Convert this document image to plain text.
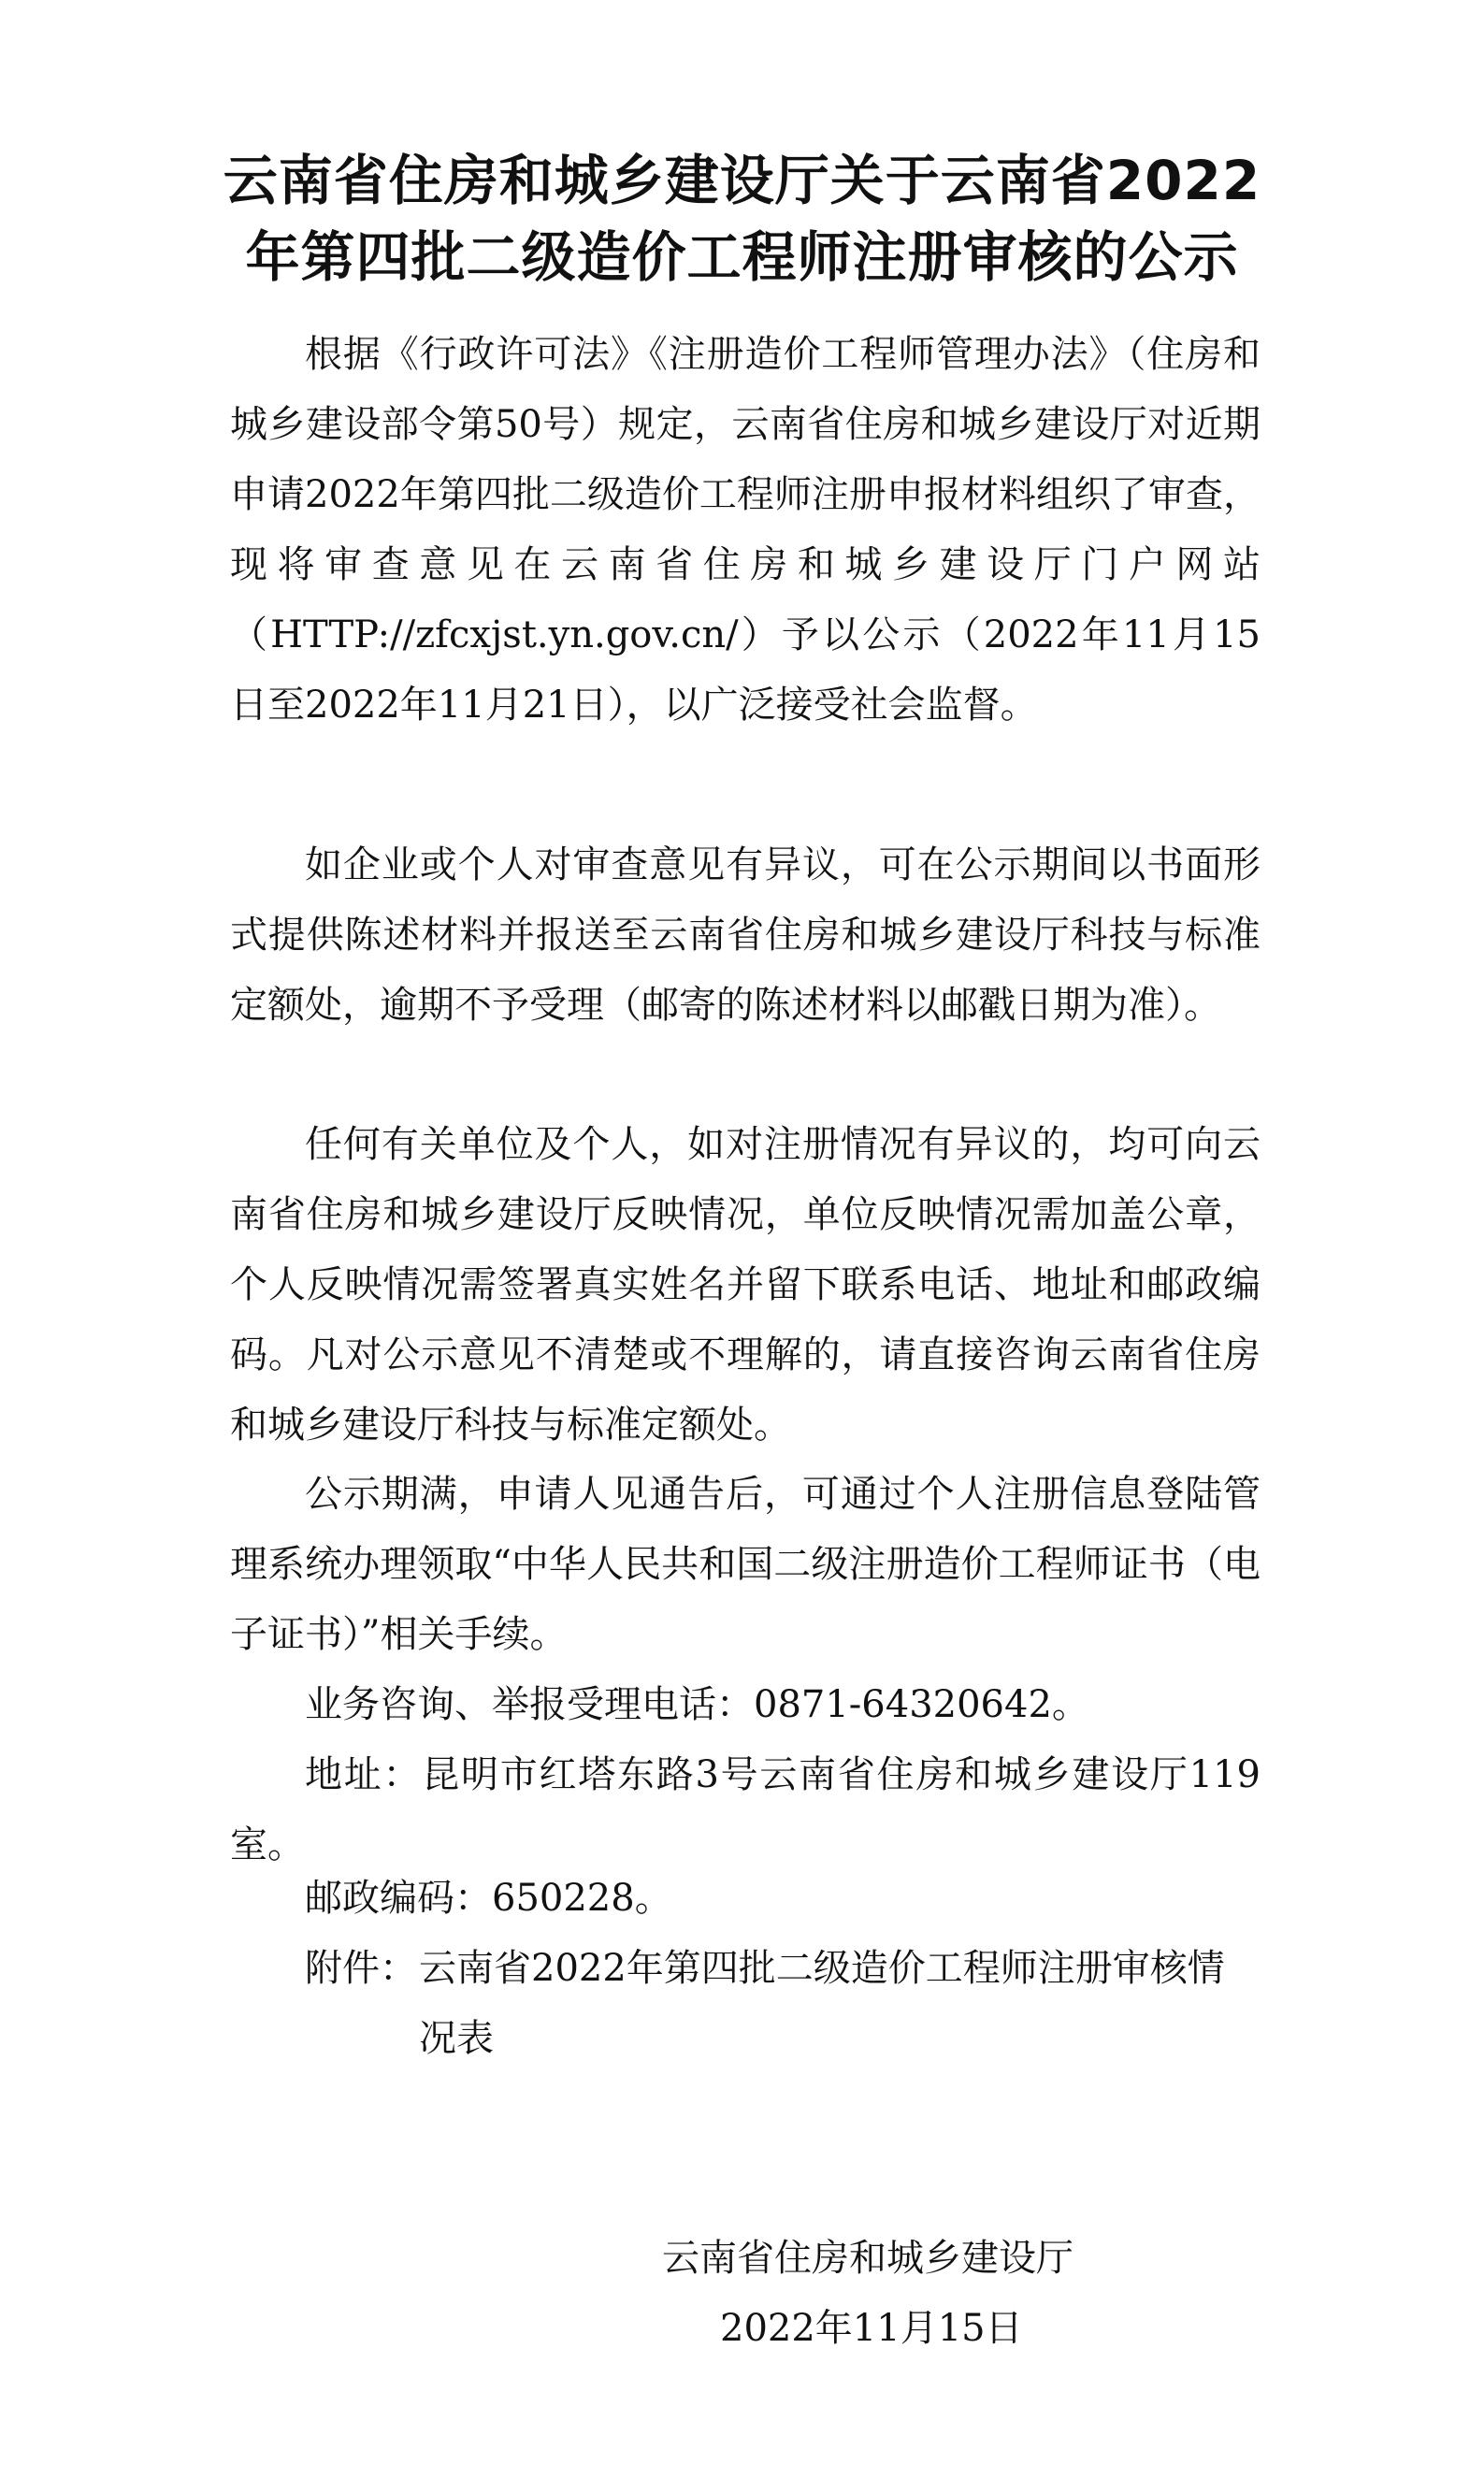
云南省住房和城乡建设厅关于云南省2022
年第四批二级造价工程师注册审核的公示

根据《行政许可法》《注册造价工程师管理办法》（住房和城乡建设部令第50号）规定，云南省住房和城乡建设厅对近期申请2022年第四批二级造价工程师注册申报材料组织了审查，现将审查意见在云南省住房和城乡建设厅门户网站（HTTP://zfcxjst.yn.gov.cn/）予以公示（2022年11月15日至2022年11月21日），以广泛接受社会监督。

如企业或个人对审查意见有异议，可在公示期间以书面形式提供陈述材料并报送至云南省住房和城乡建设厅科技与标准定额处，逾期不予受理（邮寄的陈述材料以邮戳日期为准）。

任何有关单位及个人，如对注册情况有异议的，均可向云南省住房和城乡建设厅反映情况，单位反映情况需加盖公章，个人反映情况需签署真实姓名并留下联系电话、地址和邮政编码。凡对公示意见不清楚或不理解的，请直接咨询云南省住房和城乡建设厅科技与标准定额处。

公示期满，申请人见通告后，可通过个人注册信息登陆管理系统办理领取“中华人民共和国二级注册造价工程师证书（电子证书）”相关手续。

业务咨询、举报受理电话：0871-64320642。

地址：昆明市红塔东路3号云南省住房和城乡建设厅119室。

邮政编码：650228。

附件： 云南省2022年第四批二级造价工程师注册审核情况表
云南省住房和城乡建设厅
2022年11月15日
